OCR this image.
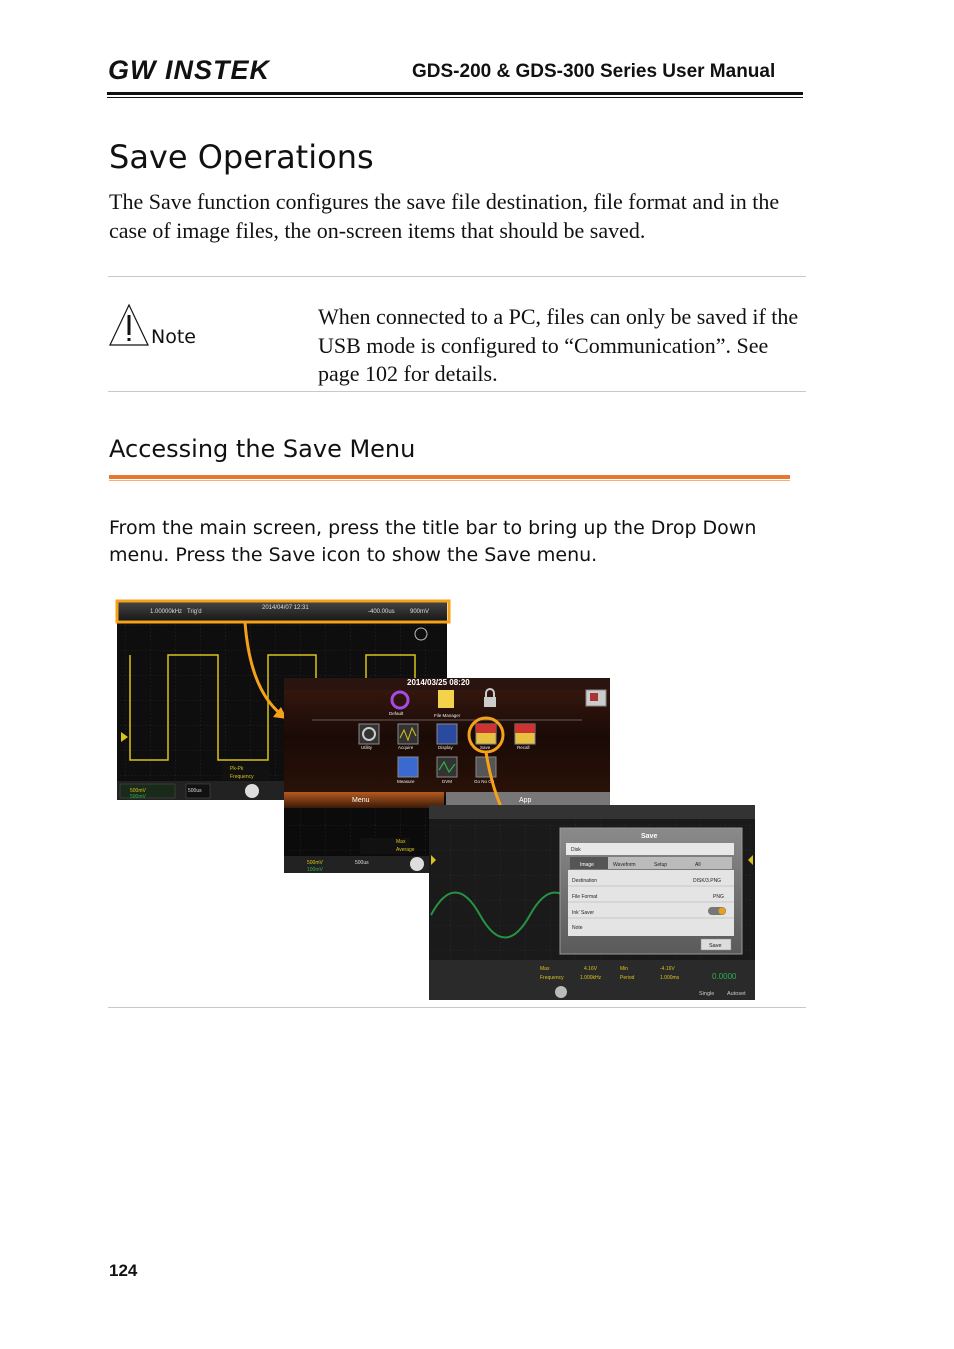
GW INSTEK	GDS-200 & GDS-300 Series User Manual
Save Operations
The Save function configures the save file destination, file format and in the case of image files, the on-screen items that should be saved.
Note
When connected to a PC, files can only be saved if the USB mode is configured to “Communication”. See page 102 for details.
Accessing the Save Menu
From the main screen, press the title bar to bring up the Drop Down menu. Press the Save icon to show the Save menu.
1.00000kHz Trig'd
2014/04/07 12:31
-400.00us	900mV
500mV
500mV
500us
Pk-Pk
Frequency
2014/03/25 08:20
Default	File Manager
Utility	Acquire	Display	Save	Recall
Measure	DVM	Go No Go
Menu	App
500mV
100mV
500us
Max
Average
Save
Disk
Image	Waveform	Setup	All
Destination	DISK/3.PNG
File Format	PNG
Ink’ Saver
Note
Save
Max	4.16V
Frequency	1.000kHz
Min	-4.16V
Period	1.000ms	0.0000
Single Autoset
124
